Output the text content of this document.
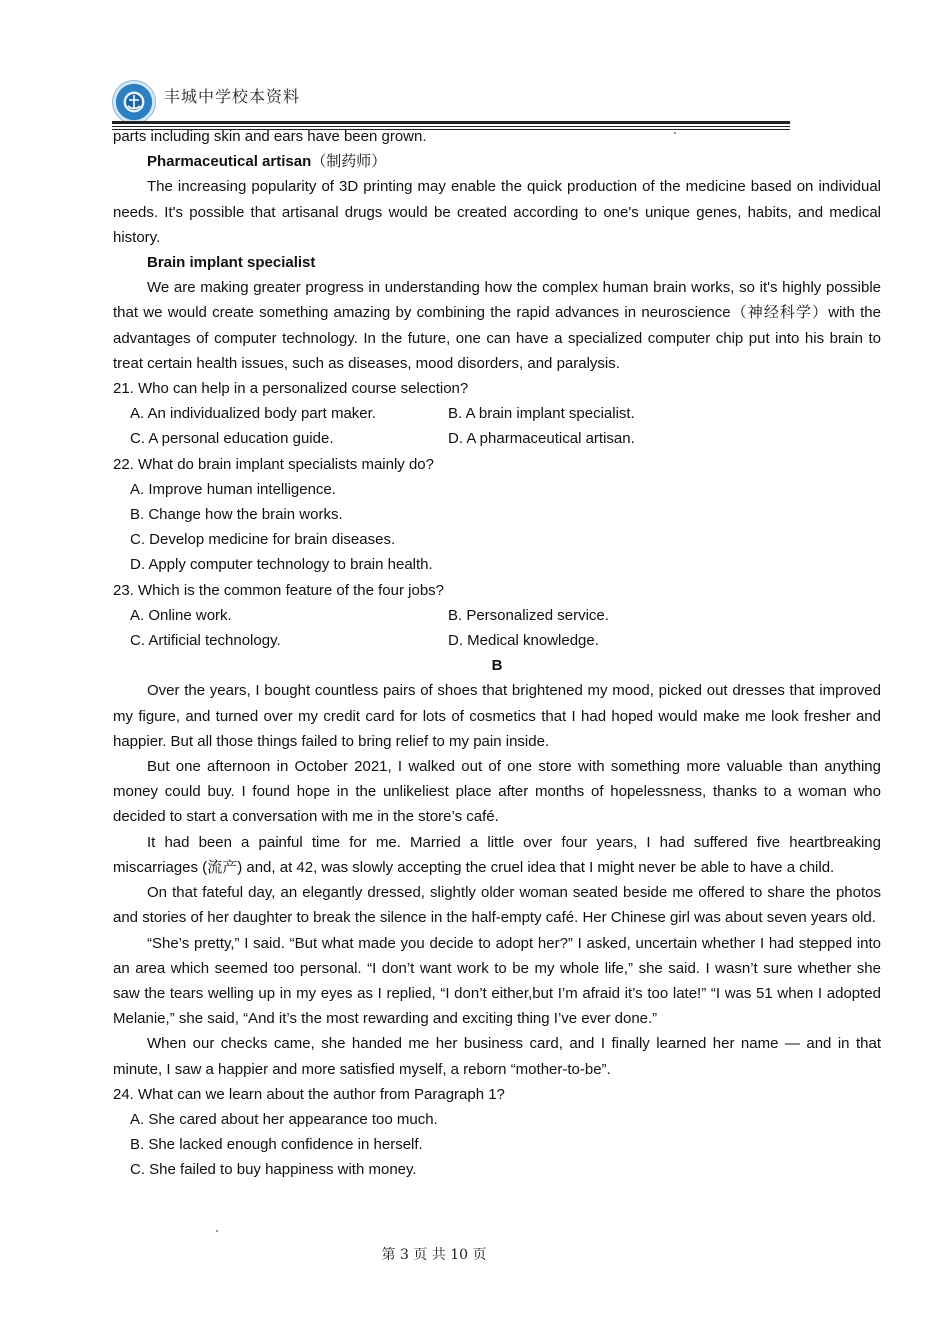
丰城中学校本资料

parts including skin and ears have been grown.

Pharmaceutical artisan（制药师）

The increasing popularity of 3D printing may enable the quick production of the medicine based on individual needs. It's possible that artisanal drugs would be created according to one's unique genes, habits, and medical history.

Brain implant specialist

We are making greater progress in understanding how the complex human brain works, so it's highly possible that we would create something amazing by combining the rapid advances in neuroscience（神经科学）with the advantages of computer technology. In the future, one can have a specialized computer chip put into his brain to treat certain health issues, such as diseases, mood disorders, and paralysis.

21. Who can help in a personalized course selection?

A. An individualized body part maker.	B. A brain implant specialist.
C. A personal education guide.	D. A pharmaceutical artisan.

22. What do brain implant specialists mainly do?

A. Improve human intelligence.

B. Change how the brain works.

C. Develop medicine for brain diseases.

D. Apply computer technology to brain health.

23. Which is the common feature of the four jobs?

A. Online work.	B. Personalized service.
C. Artificial technology.	D. Medical knowledge.

B

Over the years, I bought countless pairs of shoes that brightened my mood, picked out dresses that improved my figure, and turned over my credit card for lots of cosmetics that I had hoped would make me look fresher and happier. But all those things failed to bring relief to my pain inside.

But one afternoon in October 2021, I walked out of one store with something more valuable than anything money could buy. I found hope in the unlikeliest place after months of hopelessness, thanks to a woman who decided to start a conversation with me in the store’s café.

It had been a painful time for me. Married a little over four years, I had suffered five heartbreaking miscarriages (流产) and, at 42, was slowly accepting the cruel idea that I might never be able to have a child.

On that fateful day, an elegantly dressed, slightly older woman seated beside me offered to share the photos and stories of her daughter to break the silence in the half-empty café. Her Chinese girl was about seven years old.

“She’s pretty,” I said. “But what made you decide to adopt her?” I asked, uncertain whether I had stepped into an area which seemed too personal. “I don’t want work to be my whole life,” she said. I wasn’t sure whether she saw the tears welling up in my eyes as I replied, “I don’t either,but I’m afraid it’s too late!” “I was 51 when I adopted Melanie,” she said, “And it’s the most rewarding and exciting thing I’ve ever done.”

When our checks came, she handed me her business card, and I finally learned her name — and in that minute, I saw a happier and more satisfied myself, a reborn “mother-to-be”.

24. What can we learn about the author from Paragraph 1?

A. She cared about her appearance too much.

B. She lacked enough confidence in herself.

C. She failed to buy happiness with money.

第 3 页 共 10 页
